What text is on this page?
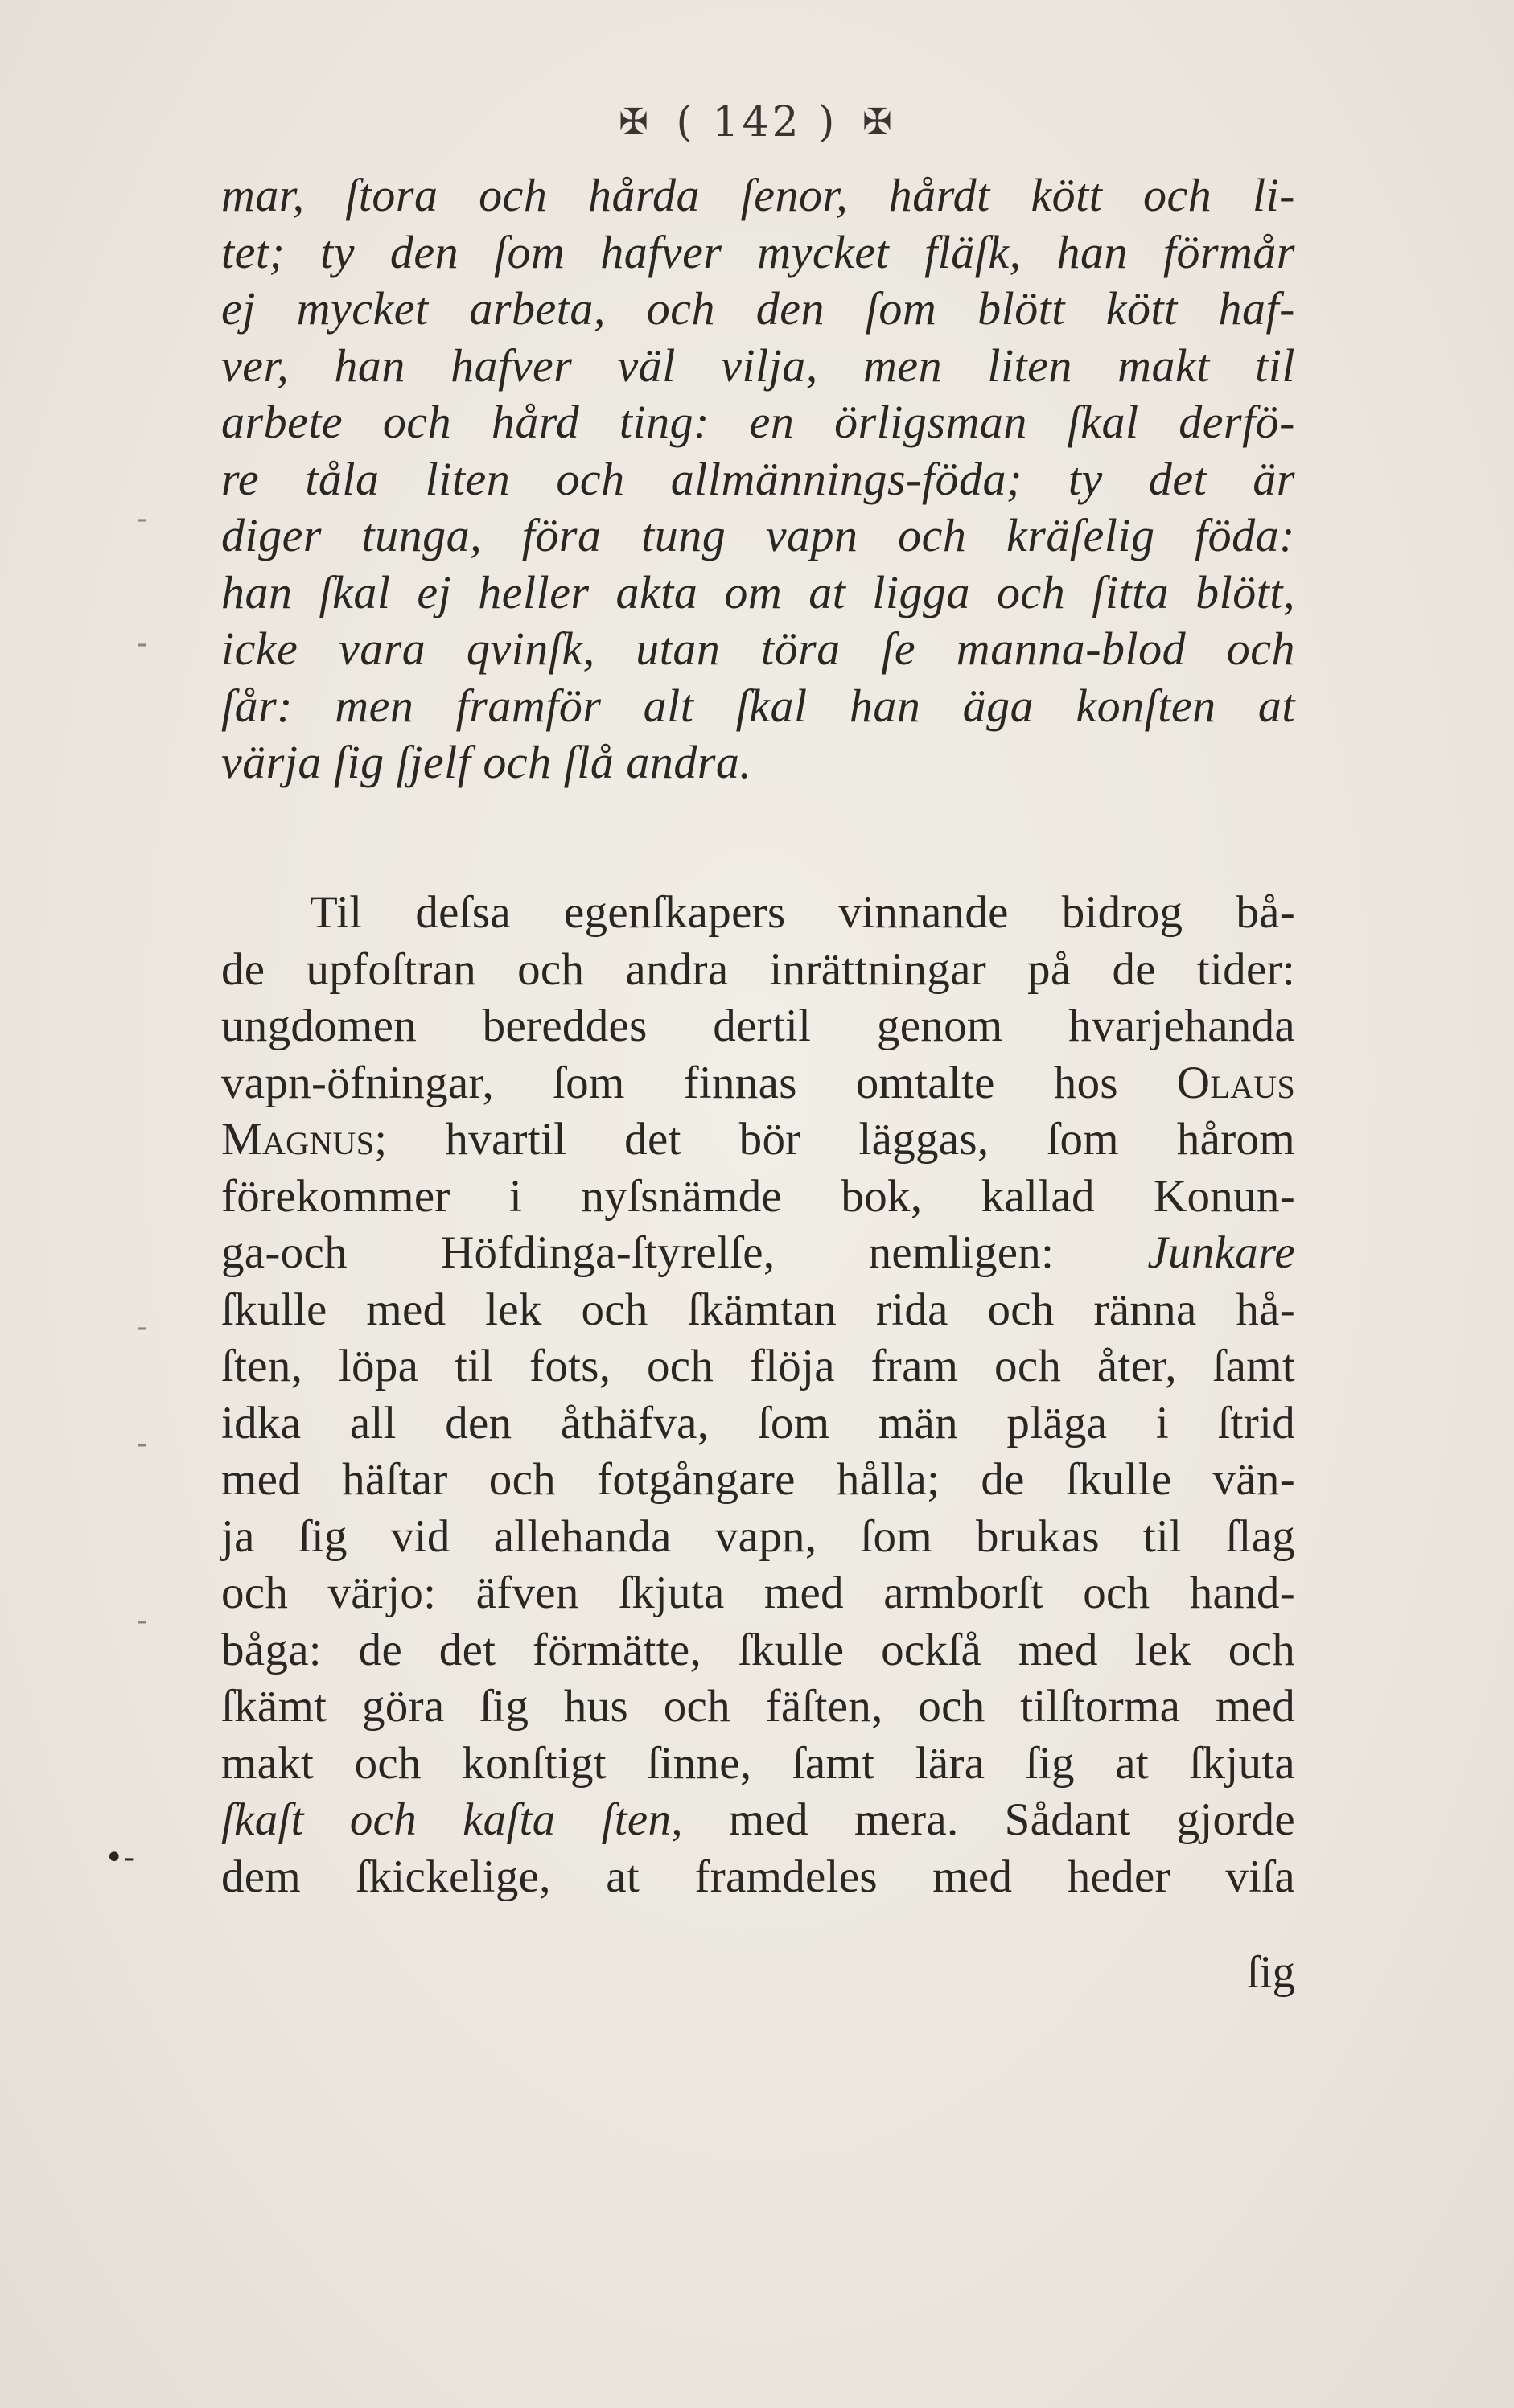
✠ ( 142 ) ✠
mar, ſtora och hårda ſenor, hårdt kött och li-
tet; ty den ſom hafver mycket fläſk, han förmår
ej mycket arbeta, och den ſom blött kött haf-
ver, han hafver väl vilja, men liten makt til
arbete och hård ting: en örligsman ſkal derfö-
re tåla liten och allmännings-föda; ty det är
diger tunga, föra tung vapn och kräſelig föda:
han ſkal ej heller akta om at ligga och ſitta blött,
icke vara qvinſk, utan töra ſe manna-blod och
ſår: men framför alt ſkal han äga konſten at
värja ſig ſjelf och ſlå andra.
Til deſsa egenſkapers vinnande bidrog bå-
de upfoſtran och andra inrättningar på de tider:
ungdomen bereddes dertil genom hvarjehanda
vapn-öfningar, ſom finnas omtalte hos Olaus
Magnus; hvartil det bör läggas, ſom hårom
förekommer i nyſsnämde bok, kallad Konun-
ga-och Höfdinga-ſtyrelſe, nemligen: Junkare
ſkulle med lek och ſkämtan rida och ränna hå-
ſten, löpa til fots, och flöja fram och åter, ſamt
idka all den åthäfva, ſom män pläga i ſtrid
med häſtar och fotgångare hålla; de ſkulle vän-
ja ſig vid allehanda vapn, ſom brukas til ſlag
och värjo: äfven ſkjuta med armborſt och hand-
båga: de det förmätte, ſkulle ockſå med lek och
ſkämt göra ſig hus och fäſten, och tilſtorma med
makt och konſtigt ſinne, ſamt lära ſig at ſkjuta
ſkaſt och kaſta ſten, med mera. Sådant gjorde
dem ſkickelige, at framdeles med heder viſa
ſig
-
-
-
-
-
•-
